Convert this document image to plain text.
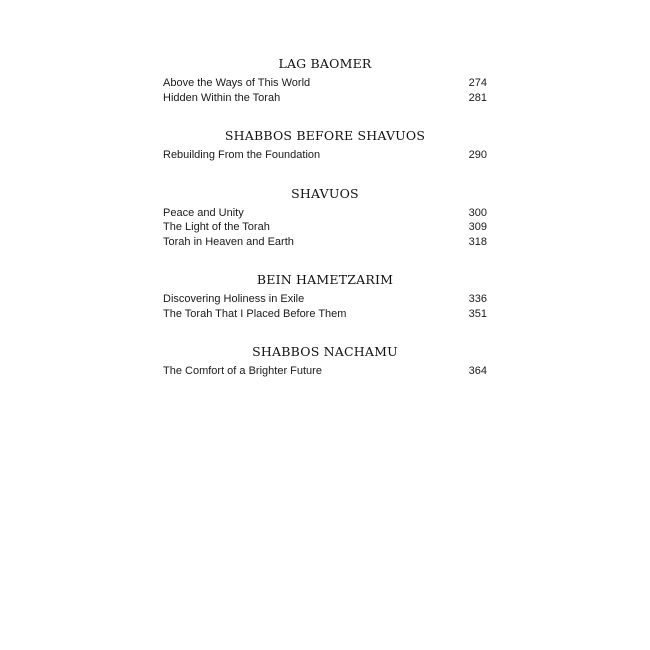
LAG BAOMER
Above the Ways of This World	274
Hidden Within the Torah	281
SHABBOS BEFORE SHAVUOS
Rebuilding From the Foundation	290
SHAVUOS
Peace and Unity	300
The Light of the Torah	309
Torah in Heaven and Earth	318
BEIN HAMETZARIM
Discovering Holiness in Exile	336
The Torah That I Placed Before Them	351
SHABBOS NACHAMU
The Comfort of a Brighter Future	364
